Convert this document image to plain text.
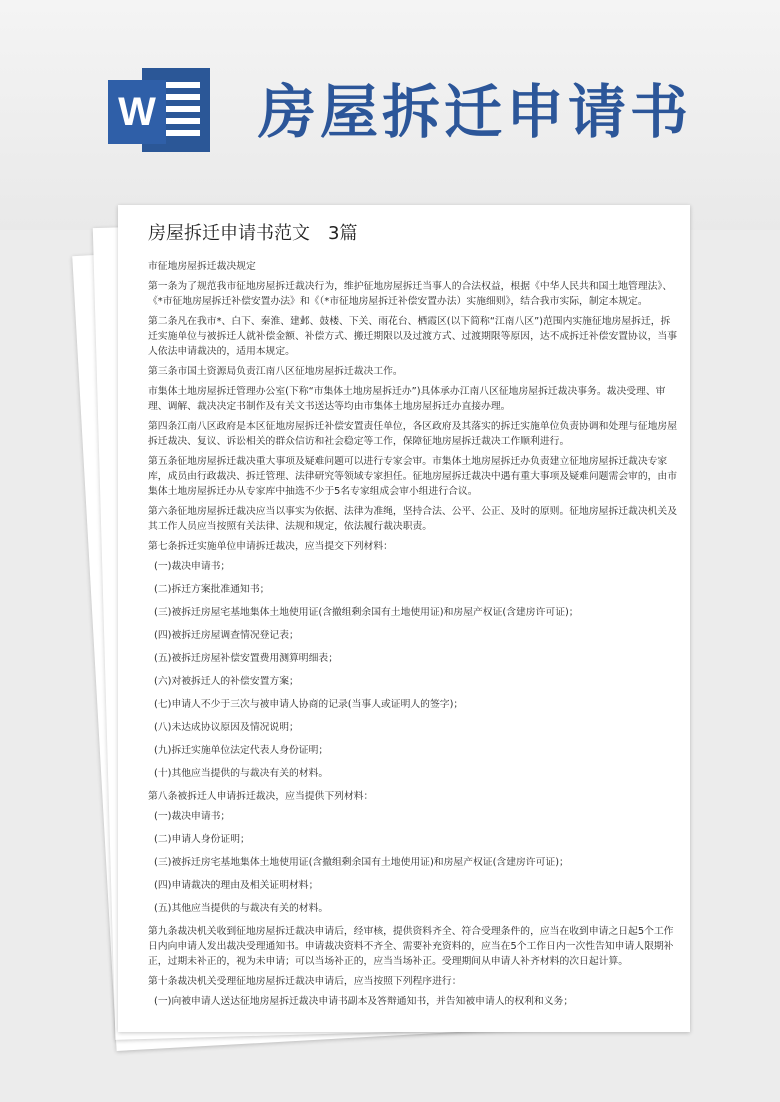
W 房屋拆迁申请书
房屋拆迁申请书范文　3篇

市征地房屋拆迁裁决规定

第一条为了规范我市征地房屋拆迁裁决行为，维护征地房屋拆迁当事人的合法权益，根据《中华人民共和国土地管理法》、《*市征地房屋拆迁补偿安置办法》和《（*市征地房屋拆迁补偿安置办法）实施细则》，结合我市实际，制定本规定。

第二条凡在我市*、白下、秦淮、建邺、鼓楼、下关、雨花台、栖霞区(以下简称“江南八区”)范围内实施征地房屋拆迁，拆迁实施单位与被拆迁人就补偿金额、补偿方式、搬迁期限以及过渡方式、过渡期限等原因，达不成拆迁补偿安置协议，当事人依法申请裁决的，适用本规定。

第三条市国土资源局负责江南八区征地房屋拆迁裁决工作。

市集体土地房屋拆迁管理办公室(下称“市集体土地房屋拆迁办”)具体承办江南八区征地房屋拆迁裁决事务。裁决受理、审理、调解、裁决决定书制作及有关文书送达等均由市集体土地房屋拆迁办直接办理。

第四条江南八区政府是本区征地房屋拆迁补偿安置责任单位，各区政府及其落实的拆迁实施单位负责协调和处理与征地房屋拆迁裁决、复议、诉讼相关的群众信访和社会稳定等工作，保障征地房屋拆迁裁决工作顺利进行。

第五条征地房屋拆迁裁决重大事项及疑难问题可以进行专家会审。市集体土地房屋拆迁办负责建立征地房屋拆迁裁决专家库，成员由行政裁决、拆迁管理、法律研究等领域专家担任。征地房屋拆迁裁决中遇有重大事项及疑难问题需会审的，由市集体土地房屋拆迁办从专家库中抽选不少于5名专家组成会审小组进行合议。

第六条征地房屋拆迁裁决应当以事实为依据、法律为准绳，坚持合法、公平、公正、及时的原则。征地房屋拆迁裁决机关及其工作人员应当按照有关法律、法规和规定，依法履行裁决职责。

第七条拆迁实施单位申请拆迁裁决，应当提交下列材料：

(一)裁决申请书；

(二)拆迁方案批准通知书；

(三)被拆迁房屋宅基地集体土地使用证(含撤组剩余国有土地使用证)和房屋产权证(含建房许可证)；

(四)被拆迁房屋调查情况登记表；

(五)被拆迁房屋补偿安置费用测算明细表；

(六)对被拆迁人的补偿安置方案；

(七)申请人不少于三次与被申请人协商的记录(当事人或证明人的签字)；

(八)未达成协议原因及情况说明；

(九)拆迁实施单位法定代表人身份证明；

(十)其他应当提供的与裁决有关的材料。

第八条被拆迁人申请拆迁裁决，应当提供下列材料：

(一)裁决申请书；

(二)申请人身份证明；

(三)被拆迁房宅基地集体土地使用证(含撤组剩余国有土地使用证)和房屋产权证(含建房许可证)；

(四)申请裁决的理由及相关证明材料；

(五)其他应当提供的与裁决有关的材料。

第九条裁决机关收到征地房屋拆迁裁决申请后，经审核，提供资料齐全、符合受理条件的，应当在收到申请之日起5个工作日内向申请人发出裁决受理通知书。申请裁决资料不齐全、需要补充资料的，应当在5个工作日内一次性告知申请人限期补正，过期未补正的，视为未申请；可以当场补正的，应当当场补正。受理期间从申请人补齐材料的次日起计算。

第十条裁决机关受理征地房屋拆迁裁决申请后，应当按照下列程序进行：

(一)向被申请人送达征地房屋拆迁裁决申请书副本及答辩通知书，并告知被申请人的权利和义务；
